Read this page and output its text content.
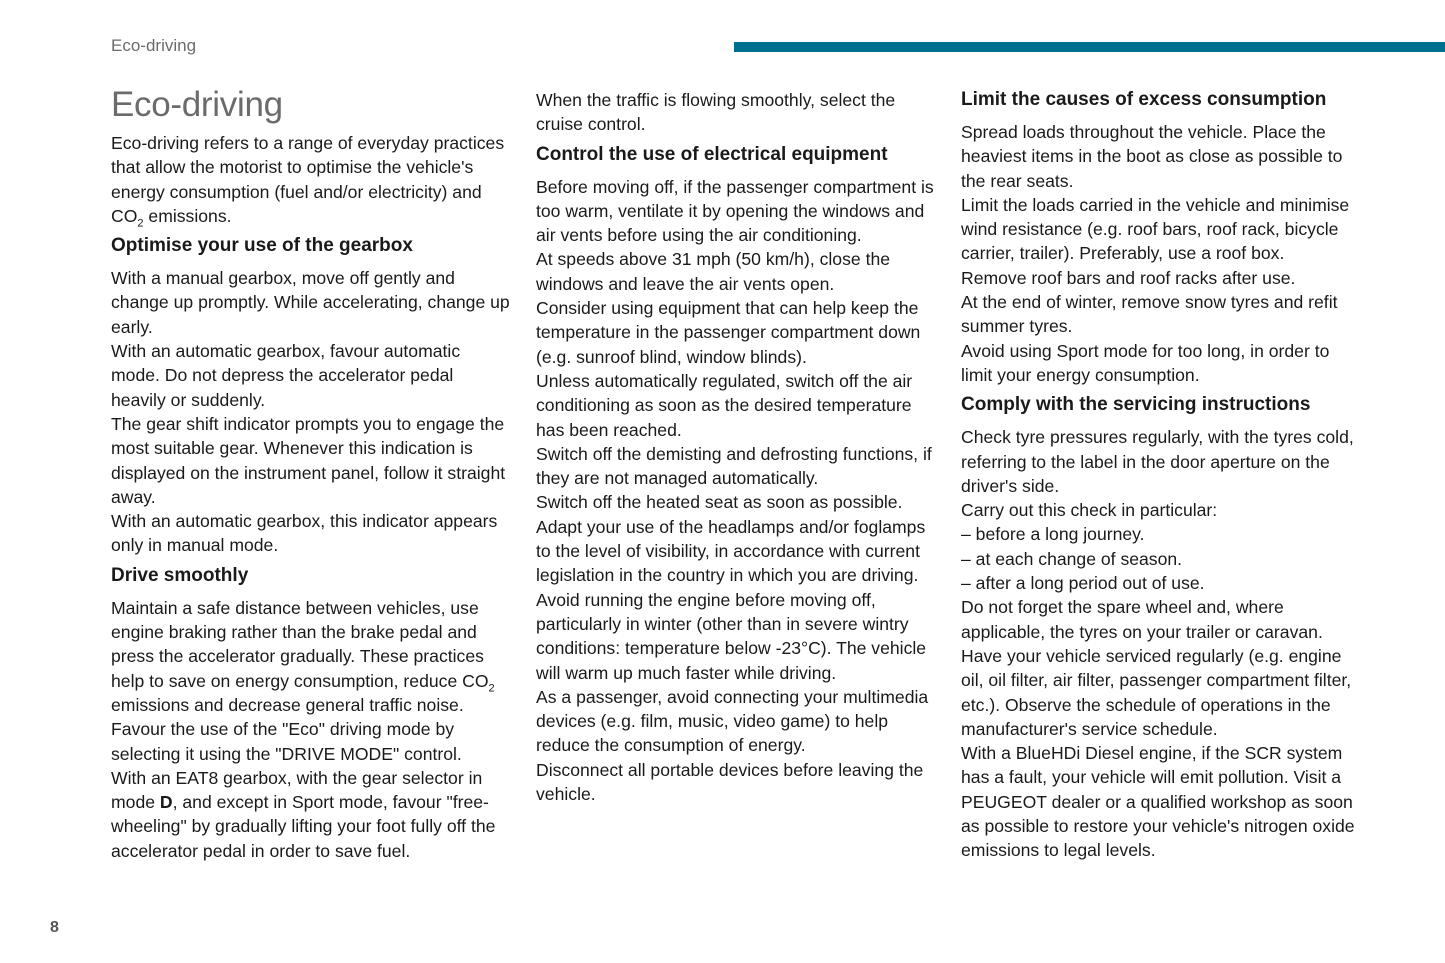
Eco-driving
Eco-driving
Eco-driving refers to a range of everyday practices that allow the motorist to optimise the vehicle's energy consumption (fuel and/or electricity) and $CO_2$ emissions.
Optimise your use of the gearbox
With a manual gearbox, move off gently and change up promptly. While accelerating, change up early.
With an automatic gearbox, favour automatic mode. Do not depress the accelerator pedal heavily or suddenly.
The gear shift indicator prompts you to engage the most suitable gear. Whenever this indication is displayed on the instrument panel, follow it straight away.
With an automatic gearbox, this indicator appears only in manual mode.
Drive smoothly
Maintain a safe distance between vehicles, use engine braking rather than the brake pedal and press the accelerator gradually. These practices help to save on energy consumption, reduce $CO_2$ emissions and decrease general traffic noise.
Favour the use of the "Eco" driving mode by selecting it using the "DRIVE MODE" control.
With an EAT8 gearbox, with the gear selector in mode D, and except in Sport mode, favour "free-wheeling" by gradually lifting your foot fully off the accelerator pedal in order to save fuel.
When the traffic is flowing smoothly, select the cruise control.
Control the use of electrical equipment
Before moving off, if the passenger compartment is too warm, ventilate it by opening the windows and air vents before using the air conditioning.
At speeds above 31 mph (50 km/h), close the windows and leave the air vents open.
Consider using equipment that can help keep the temperature in the passenger compartment down (e.g. sunroof blind, window blinds).
Unless automatically regulated, switch off the air conditioning as soon as the desired temperature has been reached.
Switch off the demisting and defrosting functions, if they are not managed automatically.
Switch off the heated seat as soon as possible.
Adapt your use of the headlamps and/or foglamps to the level of visibility, in accordance with current legislation in the country in which you are driving.
Avoid running the engine before moving off, particularly in winter (other than in severe wintry conditions: temperature below -23°C). The vehicle will warm up much faster while driving.
As a passenger, avoid connecting your multimedia devices (e.g. film, music, video game) to help reduce the consumption of energy.
Disconnect all portable devices before leaving the vehicle.
Limit the causes of excess consumption
Spread loads throughout the vehicle. Place the heaviest items in the boot as close as possible to the rear seats.
Limit the loads carried in the vehicle and minimise wind resistance (e.g. roof bars, roof rack, bicycle carrier, trailer). Preferably, use a roof box.
Remove roof bars and roof racks after use.
At the end of winter, remove snow tyres and refit summer tyres.
Avoid using Sport mode for too long, in order to limit your energy consumption.
Comply with the servicing instructions
Check tyre pressures regularly, with the tyres cold, referring to the label in the door aperture on the driver's side.
Carry out this check in particular:
– before a long journey.
– at each change of season.
– after a long period out of use.
Do not forget the spare wheel and, where applicable, the tyres on your trailer or caravan.
Have your vehicle serviced regularly (e.g. engine oil, oil filter, air filter, passenger compartment filter, etc.). Observe the schedule of operations in the manufacturer's service schedule.
With a BlueHDi Diesel engine, if the SCR system has a fault, your vehicle will emit pollution. Visit a PEUGEOT dealer or a qualified workshop as soon as possible to restore your vehicle's nitrogen oxide emissions to legal levels.
8
